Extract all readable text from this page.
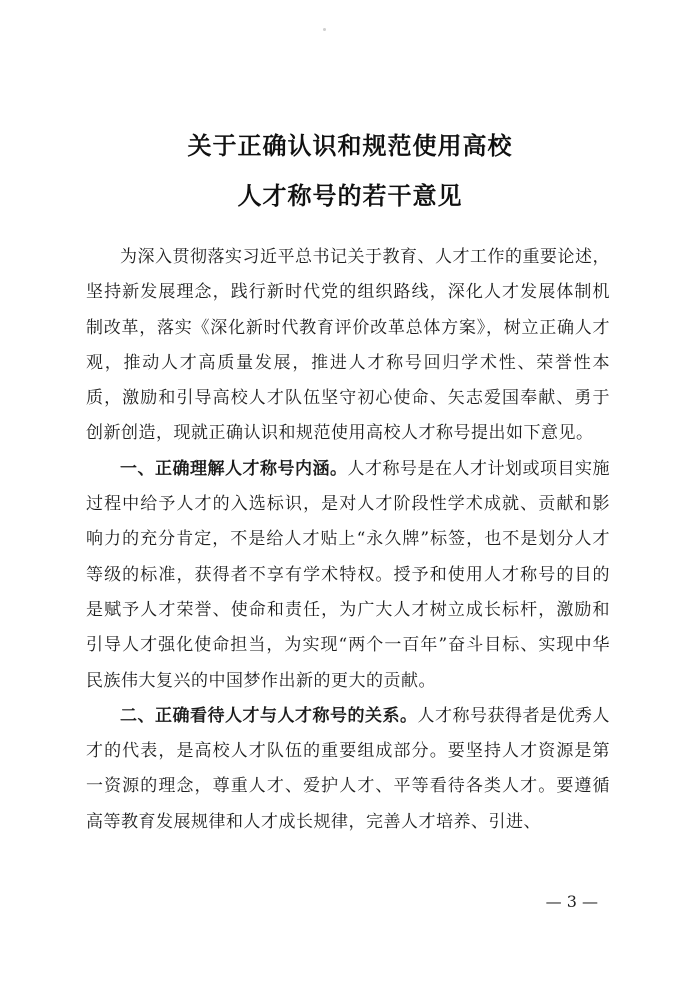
关于正确认识和规范使用高校
人才称号的若干意见

为深入贯彻落实习近平总书记关于教育、人才工作的重要论述，坚持新发展理念，践行新时代党的组织路线，深化人才发展体制机制改革，落实《深化新时代教育评价改革总体方案》，树立正确人才观，推动人才高质量发展，推进人才称号回归学术性、荣誉性本质，激励和引导高校人才队伍坚守初心使命、矢志爱国奉献、勇于创新创造，现就正确认识和规范使用高校人才称号提出如下意见。

一、正确理解人才称号内涵。人才称号是在人才计划或项目实施过程中给予人才的入选标识，是对人才阶段性学术成就、贡献和影响力的充分肯定，不是给人才贴上“永久牌”标签，也不是划分人才等级的标准，获得者不享有学术特权。授予和使用人才称号的目的是赋予人才荣誉、使命和责任，为广大人才树立成长标杆，激励和引导人才强化使命担当，为实现“两个一百年”奋斗目标、实现中华民族伟大复兴的中国梦作出新的更大的贡献。

二、正确看待人才与人才称号的关系。人才称号获得者是优秀人才的代表，是高校人才队伍的重要组成部分。要坚持人才资源是第一资源的理念，尊重人才、爱护人才、平等看待各类人才。要遵循高等教育发展规律和人才成长规律，完善人才培养、引进、

— 3 —
